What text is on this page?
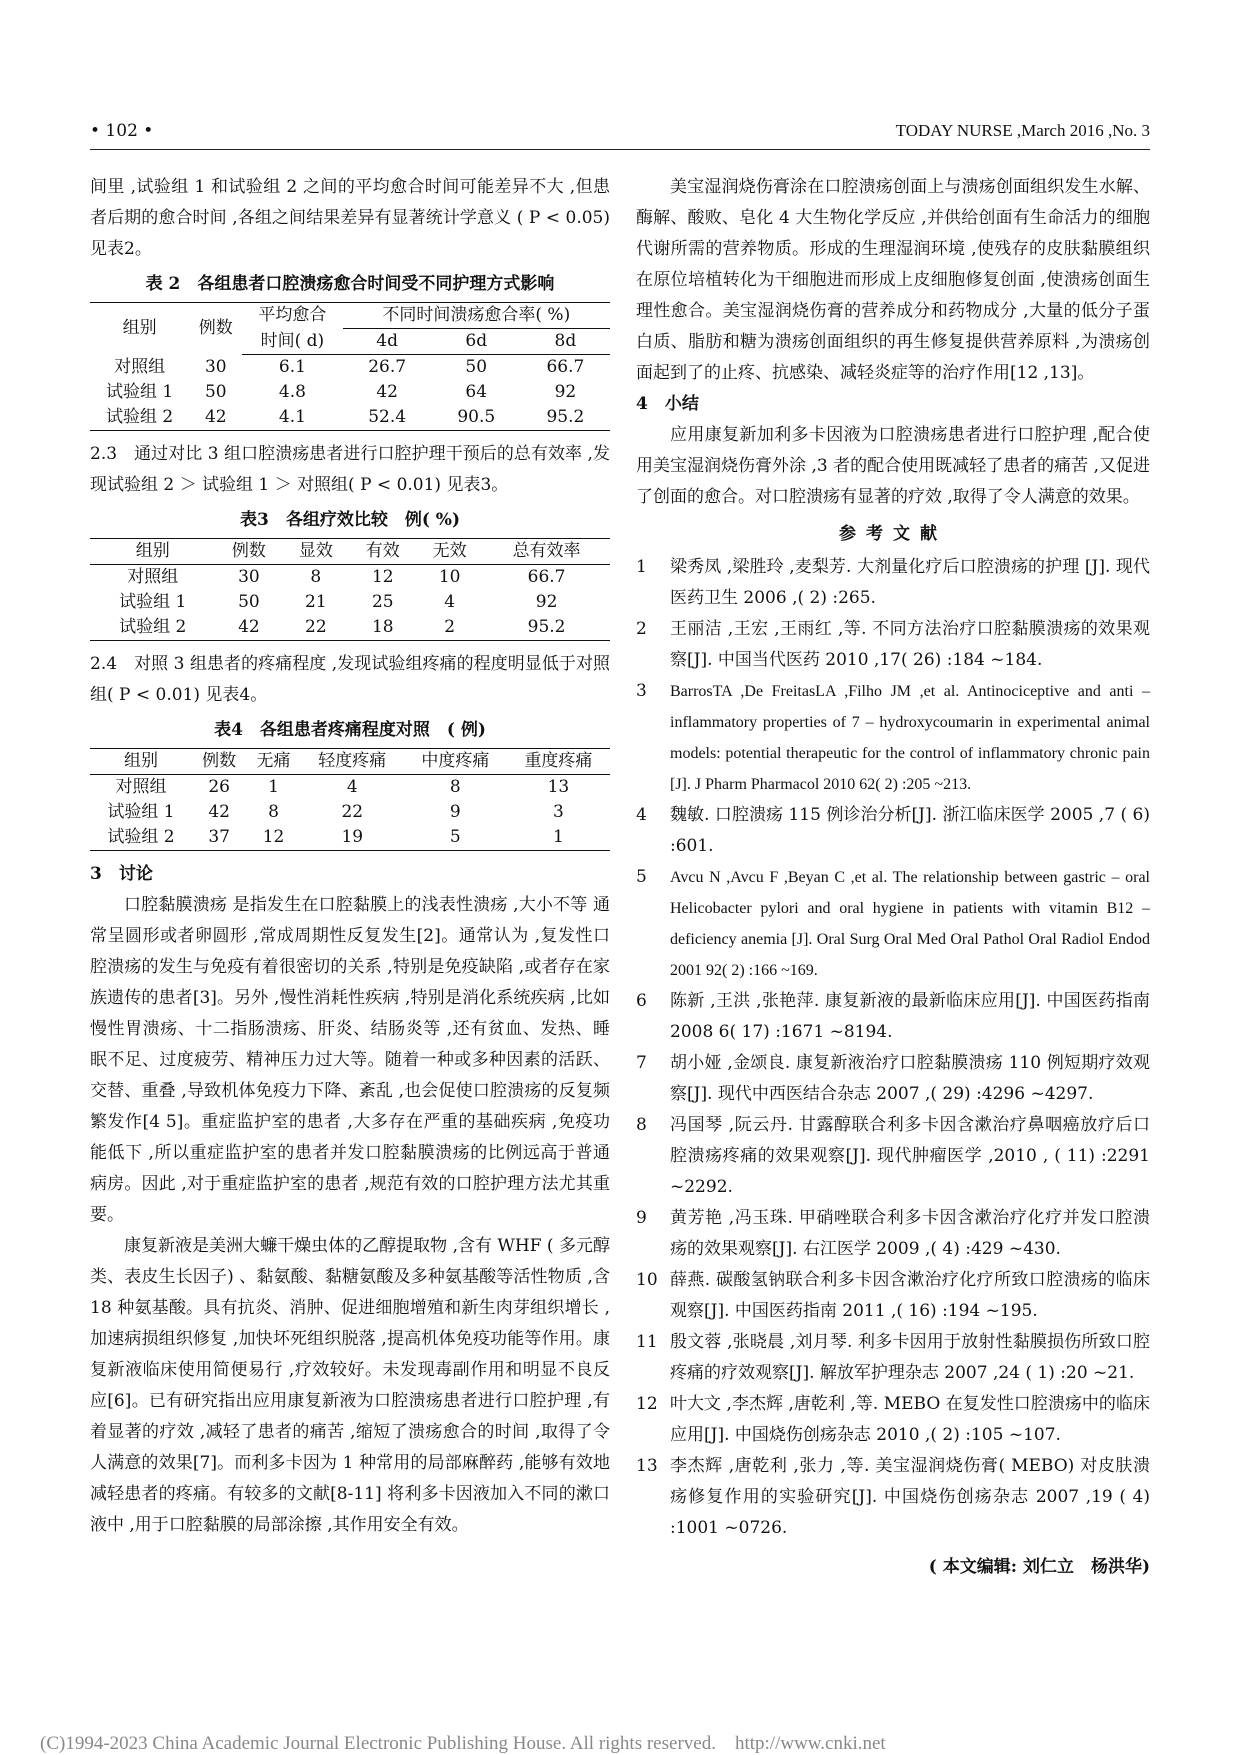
• 102 •	TODAY NURSE ,March 2016 ,No. 3

间里 ,试验组 1 和试验组 2 之间的平均愈合时间可能差异不大 ,但患者后期的愈合时间 ,各组之间结果差异有显著统计学意义 ( P < 0.05) 见表2。

表 2　各组患者口腔溃疡愈合时间受不同护理方式影响
组别	例数	平均愈合	不同时间溃疡愈合率( %)		
		时间( d)	4d	6d	8d
对照组	30	6.1	26.7	50	66.7
试验组 1	50	4.8	42	64	92
试验组 2	42	4.1	52.4	90.5	95.2

2.3　通过对比 3 组口腔溃疡患者进行口腔护理干预后的总有效率 ,发现试验组 2 ＞ 试验组 1 ＞ 对照组( P < 0.01) 见表3。

表3　各组疗效比较　例( %)
组别	例数	显效	有效	无效	总有效率
对照组	30	8	12	10	66.7
试验组 1	50	21	25	4	92
试验组 2	42	22	18	2	95.2

2.4　对照 3 组患者的疼痛程度 ,发现试验组疼痛的程度明显低于对照组( P < 0.01) 见表4。

表4　各组患者疼痛程度对照　( 例)
组别	例数	无痛	轻度疼痛	中度疼痛	重度疼痛
对照组	26	1	4	8	13
试验组 1	42	8	22	9	3
试验组 2	37	12	19	5	1

3　讨论

口腔黏膜溃疡 是指发生在口腔黏膜上的浅表性溃疡 ,大小不等 通常呈圆形或者卵圆形 ,常成周期性反复发生[2]。通常认为 ,复发性口腔溃疡的发生与免疫有着很密切的关系 ,特别是免疫缺陷 ,或者存在家族遗传的患者[3]。另外 ,慢性消耗性疾病 ,特别是消化系统疾病 ,比如慢性胃溃疡、十二指肠溃疡、肝炎、结肠炎等 ,还有贫血、发热、睡眠不足、过度疲劳、精神压力过大等。随着一种或多种因素的活跃、交替、重叠 ,导致机体免疫力下降、紊乱 ,也会促使口腔溃疡的反复频繁发作[4 5]。重症监护室的患者 ,大多存在严重的基础疾病 ,免疫功能低下 ,所以重症监护室的患者并发口腔黏膜溃疡的比例远高于普通病房。因此 ,对于重症监护室的患者 ,规范有效的口腔护理方法尤其重要。

康复新液是美洲大蠊干燥虫体的乙醇提取物 ,含有 WHF ( 多元醇类、表皮生长因子) 、黏氨酸、黏糖氨酸及多种氨基酸等活性物质 ,含 18 种氨基酸。具有抗炎、消肿、促进细胞增殖和新生肉芽组织增长 ,加速病损组织修复 ,加快坏死组织脱落 ,提高机体免疫功能等作用。康复新液临床使用简便易行 ,疗效较好。未发现毒副作用和明显不良反应[6]。已有研究指出应用康复新液为口腔溃疡患者进行口腔护理 ,有着显著的疗效 ,减轻了患者的痛苦 ,缩短了溃疡愈合的时间 ,取得了令人满意的效果[7]。而利多卡因为 1 种常用的局部麻醉药 ,能够有效地减轻患者的疼痛。有较多的文献[8-11] 将利多卡因液加入不同的漱口液中 ,用于口腔黏膜的局部涂擦 ,其作用安全有效。

美宝湿润烧伤膏涂在口腔溃疡创面上与溃疡创面组织发生水解、酶解、酸败、皂化 4 大生物化学反应 ,并供给创面有生命活力的细胞代谢所需的营养物质。形成的生理湿润环境 ,使残存的皮肤黏膜组织在原位培植转化为干细胞进而形成上皮细胞修复创面 ,使溃疡创面生理性愈合。美宝湿润烧伤膏的营养成分和药物成分 ,大量的低分子蛋白质、脂肪和糖为溃疡创面组织的再生修复提供营养原料 ,为溃疡创面起到了的止疼、抗感染、减轻炎症等的治疗作用[12 ,13]。

4　小结

应用康复新加利多卡因液为口腔溃疡患者进行口腔护理 ,配合使用美宝湿润烧伤膏外涂 ,3 者的配合使用既减轻了患者的痛苦 ,又促进了创面的愈合。对口腔溃疡有显著的疗效 ,取得了令人满意的效果。

参考文献
1	梁秀凤 ,梁胜玲 ,麦梨芳. 大剂量化疗后口腔溃疡的护理 [J]. 现代医药卫生 2006 ,( 2) :265.
2	王丽洁 ,王宏 ,王雨红 ,等. 不同方法治疗口腔黏膜溃疡的效果观察[J]. 中国当代医药 2010 ,17( 26) :184 ~184.
3	BarrosTA ,De FreitasLA ,Filho JM ,et al. Antinociceptive and anti – inflammatory properties of 7 – hydroxycoumarin in experimental animal models: potential therapeutic for the control of inflammatory chronic pain [J]. J Pharm Pharmacol 2010 62( 2) :205 ~213.
4	魏敏. 口腔溃疡 115 例诊治分析[J]. 浙江临床医学 2005 ,7 ( 6) :601.
5	Avcu N ,Avcu F ,Beyan C ,et al. The relationship between gastric – oral Helicobacter pylori and oral hygiene in patients with vitamin B12 – deficiency anemia [J]. Oral Surg Oral Med Oral Pathol Oral Radiol Endod 2001 92( 2) :166 ~169.
6	陈新 ,王洪 ,张艳萍. 康复新液的最新临床应用[J]. 中国医药指南 2008 6( 17) :1671 ~8194.
7	胡小娅 ,金颂良. 康复新液治疗口腔黏膜溃疡 110 例短期疗效观察[J]. 现代中西医结合杂志 2007 ,( 29) :4296 ~4297.
8	冯国琴 ,阮云丹. 甘露醇联合利多卡因含漱治疗鼻咽癌放疗后口腔溃疡疼痛的效果观察[J]. 现代肿瘤医学 ,2010 , ( 11) :2291 ~2292.
9	黄芳艳 ,冯玉珠. 甲硝唑联合利多卡因含漱治疗化疗并发口腔溃疡的效果观察[J]. 右江医学 2009 ,( 4) :429 ~430.
10 薛燕. 碳酸氢钠联合利多卡因含漱治疗化疗所致口腔溃疡的临床观察[J]. 中国医药指南 2011 ,( 16) :194 ~195.
11 殷文蓉 ,张晓晨 ,刘月琴. 利多卡因用于放射性黏膜损伤所致口腔疼痛的疗效观察[J]. 解放军护理杂志 2007 ,24 ( 1) :20 ~21.
12 叶大文 ,李杰辉 ,唐乾利 ,等. MEBO 在复发性口腔溃疡中的临床应用[J]. 中国烧伤创疡杂志 2010 ,( 2) :105 ~107.
13 李杰辉 ,唐乾利 ,张力 ,等. 美宝湿润烧伤膏( MEBO) 对皮肤溃疡修复作用的实验研究[J]. 中国烧伤创疡杂志 2007 ,19 ( 4) :1001 ~0726.

( 本文编辑: 刘仁立　杨洪华)

(C)1994-2023 China Academic Journal Electronic Publishing House. All rights reserved.　http://www.cnki.net
